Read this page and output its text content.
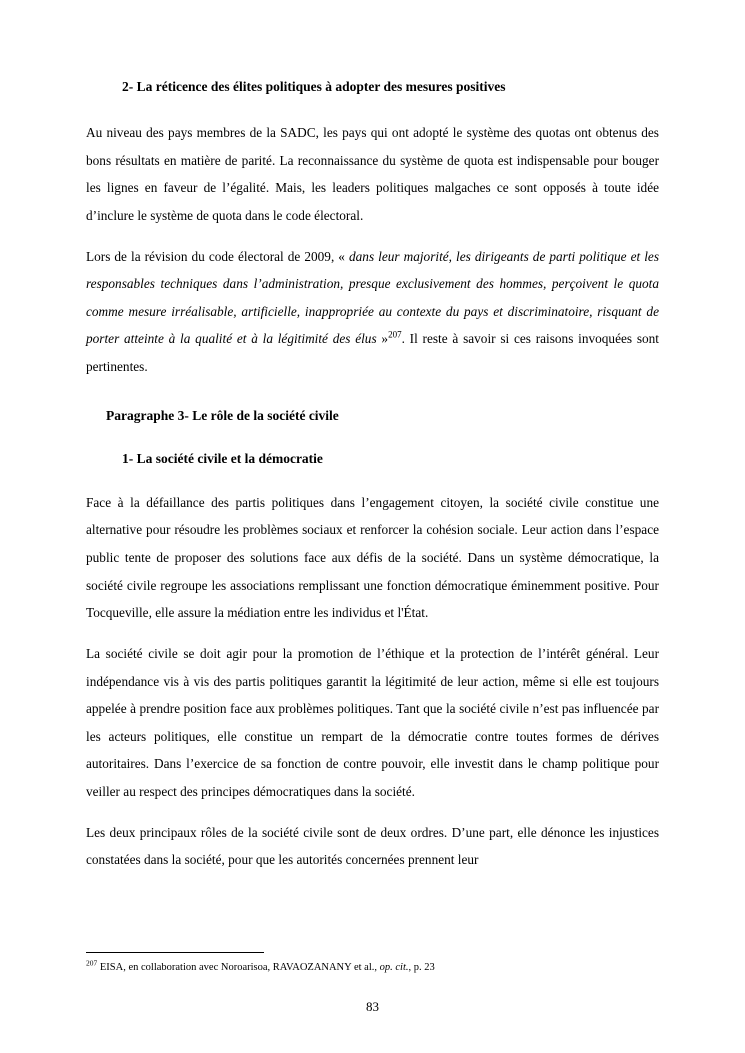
2- La réticence des élites politiques à adopter des mesures positives

Au niveau des pays membres de la SADC, les pays qui ont adopté le système des quotas ont obtenus des bons résultats en matière de parité. La reconnaissance du système de quota est indispensable pour bouger les lignes en faveur de l’égalité. Mais, les leaders politiques malgaches ce sont opposés à toute idée d’inclure le système de quota dans le code électoral.

Lors de la révision du code électoral de 2009, « dans leur majorité, les dirigeants de parti politique et les responsables techniques dans l’administration, presque exclusivement des hommes, perçoivent le quota comme mesure irréalisable, artificielle, inappropriée au contexte du pays et discriminatoire, risquant de porter atteinte à la qualité et à la légitimité des élus »$^{207}$. Il reste à savoir si ces raisons invoquées sont pertinentes.

Paragraphe 3- Le rôle de la société civile
1- La société civile et la démocratie

Face à la défaillance des partis politiques dans l’engagement citoyen, la société civile constitue une alternative pour résoudre les problèmes sociaux et renforcer la cohésion sociale. Leur action dans l’espace public tente de proposer des solutions face aux défis de la société. Dans un système démocratique, la société civile regroupe les associations remplissant une fonction démocratique éminemment positive. Pour Tocqueville, elle assure la médiation entre les individus et l'État.

La société civile se doit agir pour la promotion de l’éthique et la protection de l’intérêt général. Leur indépendance vis à vis des partis politiques garantit la légitimité de leur action, même si elle est toujours appelée à prendre position face aux problèmes politiques. Tant que la société civile n’est pas influencée par les acteurs politiques, elle constitue un rempart de la démocratie contre toutes formes de dérives autoritaires. Dans l’exercice de sa fonction de contre pouvoir, elle investit dans le champ politique pour veiller au respect des principes démocratiques dans la société.

Les deux principaux rôles de la société civile sont de deux ordres. D’une part, elle dénonce les injustices constatées dans la société, pour que les autorités concernées prennent leur

$^{207}$ EISA, en collaboration avec Noroarisoa, RAVAOZANANY et al., op. cit., p. 23

83
